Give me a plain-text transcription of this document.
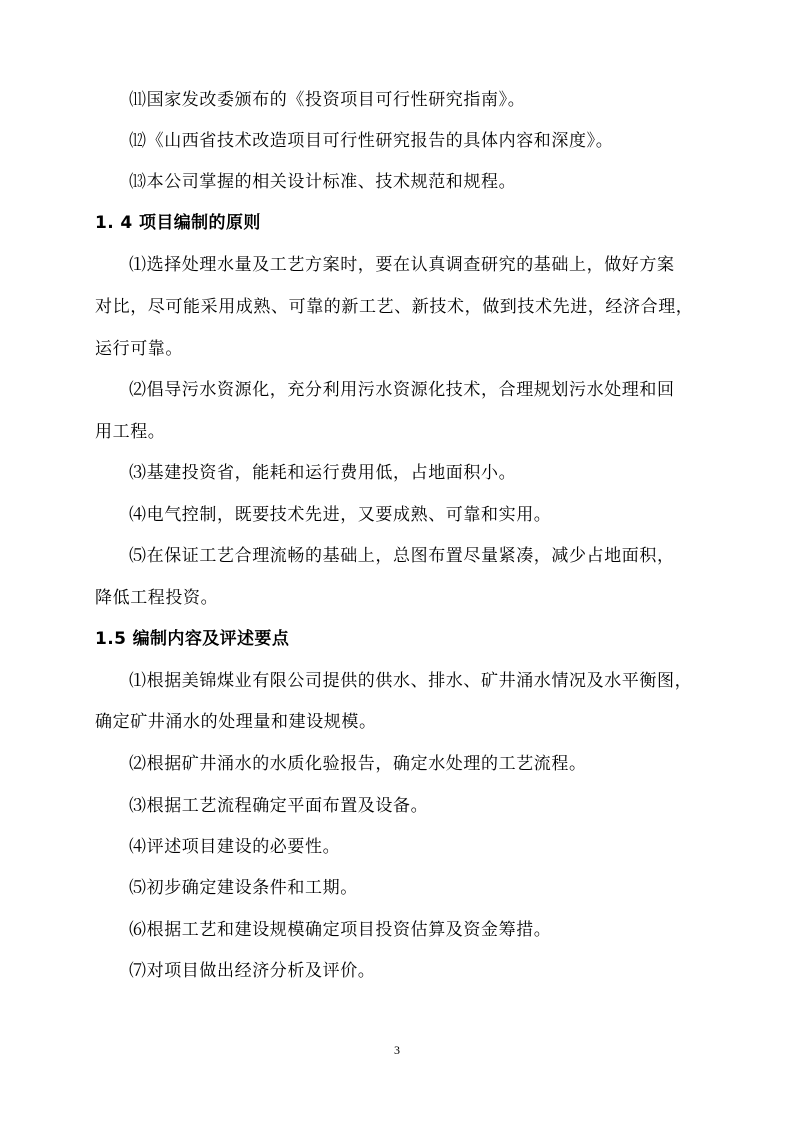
⑾国家发改委颁布的《投资项目可行性研究指南》。
⑿《山西省技术改造项目可行性研究报告的具体内容和深度》。
⒀本公司掌握的相关设计标准、技术规范和规程。
1. 4 项目编制的原则
⑴选择处理水量及工艺方案时，要在认真调查研究的基础上，做好方案
对比，尽可能采用成熟、可靠的新工艺、新技术，做到技术先进，经济合理，
运行可靠。
⑵倡导污水资源化，充分利用污水资源化技术，合理规划污水处理和回
用工程。
⑶基建投资省，能耗和运行费用低，占地面积小。
⑷电气控制，既要技术先进，又要成熟、可靠和实用。
⑸在保证工艺合理流畅的基础上，总图布置尽量紧凑，减少占地面积，
降低工程投资。
1.5 编制内容及评述要点
⑴根据美锦煤业有限公司提供的供水、排水、矿井涌水情况及水平衡图，
确定矿井涌水的处理量和建设规模。
⑵根据矿井涌水的水质化验报告，确定水处理的工艺流程。
⑶根据工艺流程确定平面布置及设备。
⑷评述项目建设的必要性。
⑸初步确定建设条件和工期。
⑹根据工艺和建设规模确定项目投资估算及资金筹措。
⑺对项目做出经济分析及评价。
3
